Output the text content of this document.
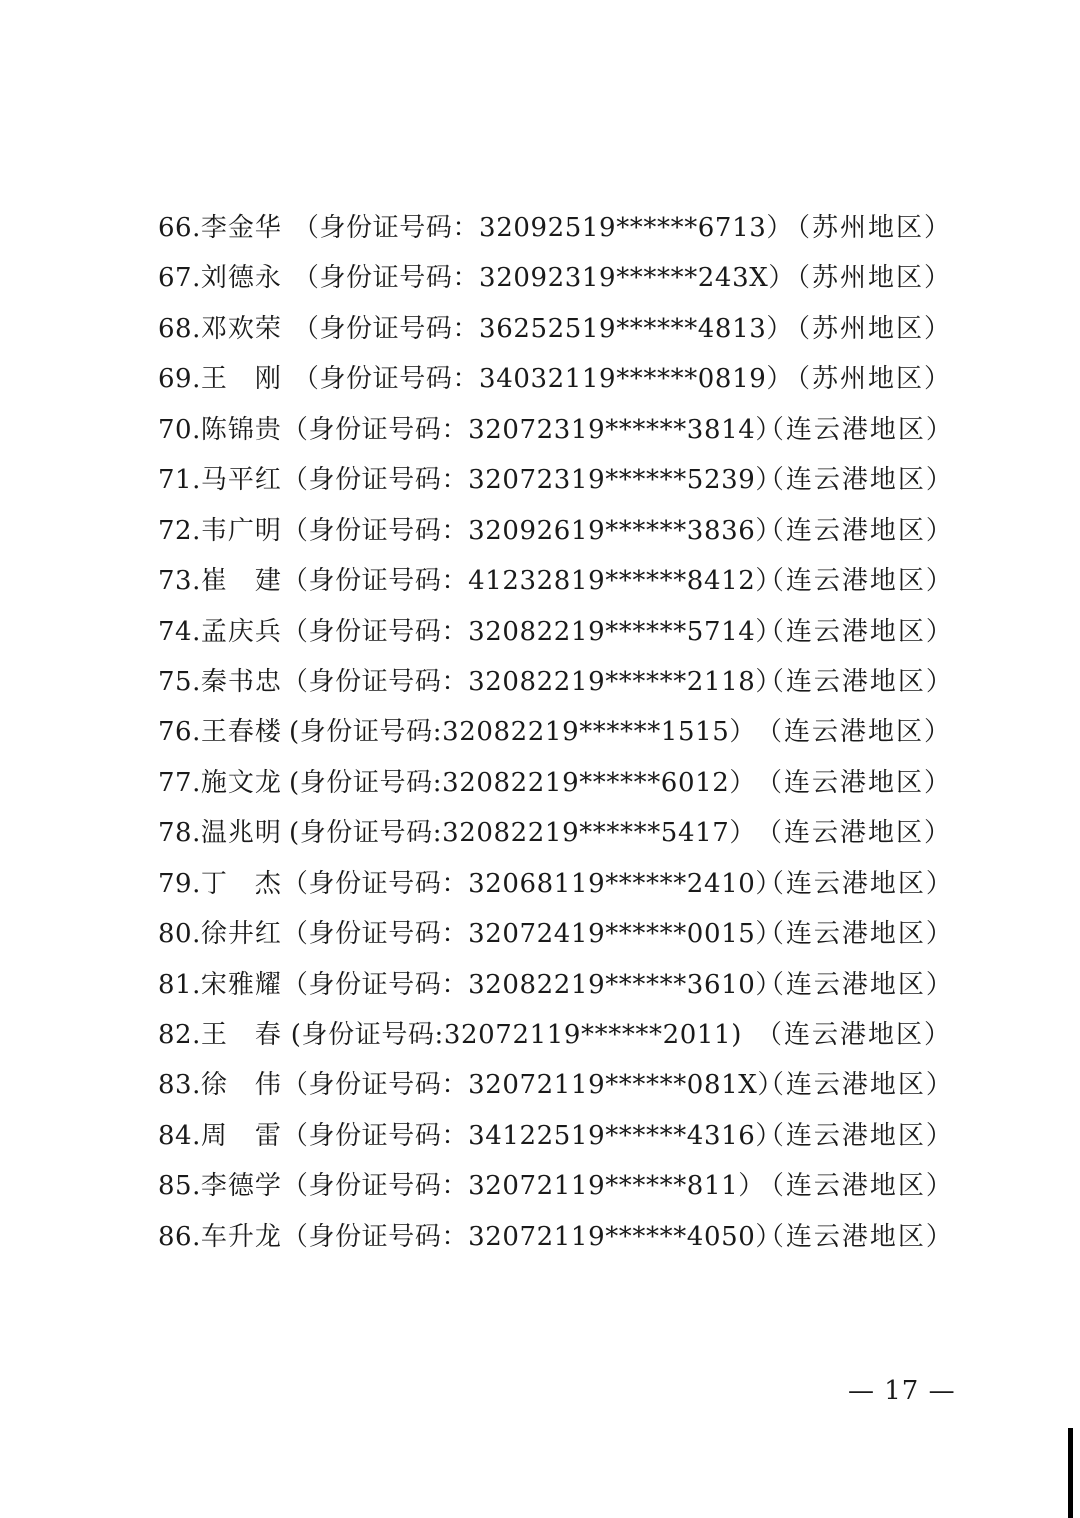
66. 李金华 （身份证号码：32092519******6713）
（苏州地区）
67. 刘德永 （身份证号码：32092319******243X）
（苏州地区）
68. 邓欢荣 （身份证号码：36252519******4813）
（苏州地区）
69. 王　刚 （身份证号码：34032119******0819）
（苏州地区）
70. 陈锦贵 （身份证号码：32072319******3814）
（连云港地区）
71. 马平红 （身份证号码：32072319******5239）
（连云港地区）
72. 韦广明 （身份证号码：32092619******3836）
（连云港地区）
73. 崔　建 （身份证号码：41232819******8412）
（连云港地区）
74. 孟庆兵 （身份证号码：32082219******5714）
（连云港地区）
75. 秦书忠 （身份证号码：32082219******2118）
（连云港地区）
76. 王春楼 (身份证号码:32082219******1515） （连云港地区）
77. 施文龙 (身份证号码:32082219******6012） （连云港地区）
78. 温兆明 (身份证号码:32082219******5417） （连云港地区）
79. 丁　杰 （身份证号码：32068119******2410）
（连云港地区）
80. 徐井红 （身份证号码：32072419******0015）
（连云港地区）
81. 宋雅耀 （身份证号码：32082219******3610）
（连云港地区）
82. 王　春 (身份证号码:32072119******2011) （连云港地区）
83. 徐　伟 （身份证号码：32072119******081X）
（连云港地区）
84. 周　雷 （身份证号码：34122519******4316）
（连云港地区）
85. 李德学 （身份证号码：32072119******811）
（连云港地区）
86. 车升龙 （身份证号码：32072119******4050）
（连云港地区）
— 17 —
